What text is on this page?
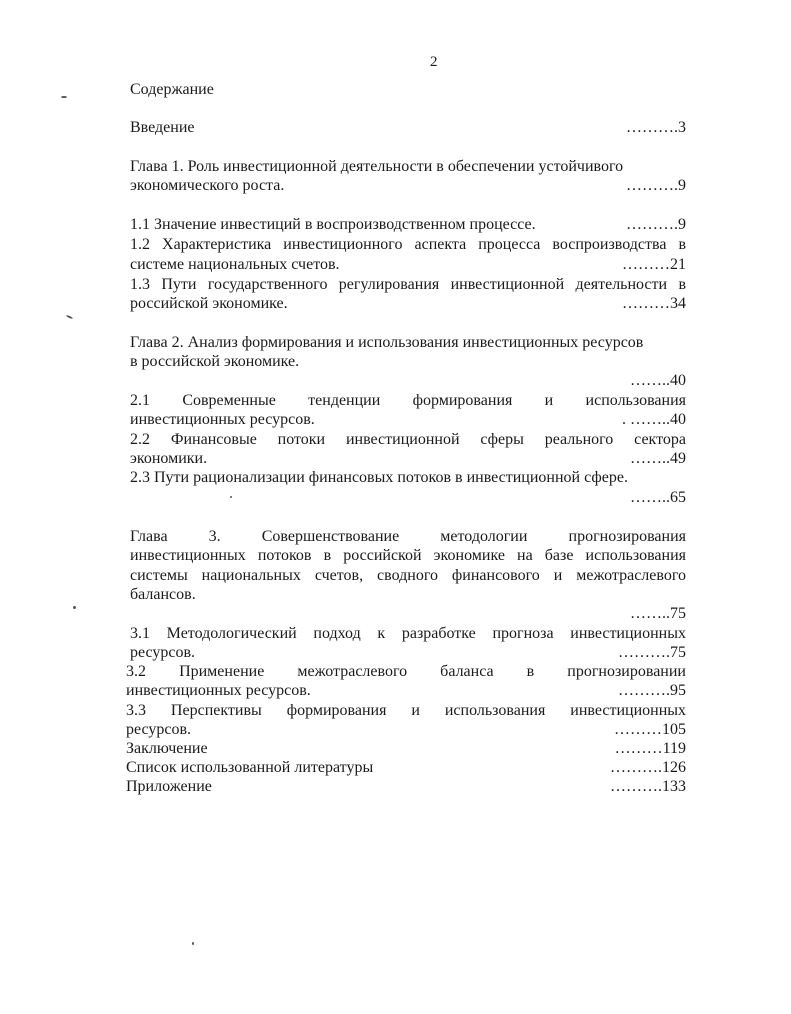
2
Содержание
Введение	……….3
Глава 1. Роль инвестиционной деятельности в обеспечении устойчивого
экономического роста.	……….9
1.1 Значение инвестиций в воспроизводственном процессе.	……….9
1.2 Характеристика инвестиционного аспекта процесса воспроизводства в
системе национальных счетов.	………21
1.3 Пути государственного регулирования инвестиционной деятельности в
российской экономике.	………34
Глава 2. Анализ формирования и использования инвестиционных ресурсов
в российской экономике.
……..40
2.1 Современные тенденции формирования и использования
инвестиционных ресурсов.	. ……..40
2.2 Финансовые потоки инвестиционной сферы реального сектора
экономики.	……..49
2.3 Пути рационализации финансовых потоков в инвестиционной сфере.
……..65
Глава 3. Совершенствование методологии прогнозирования
инвестиционных потоков в российской экономике на базе использования
системы национальных счетов, сводного финансового и межотраслевого
балансов.
……..75
3.1 Методологический подход к разработке прогноза инвестиционных
ресурсов.	……….75
3.2 Применение межотраслевого баланса в прогнозировании
инвестиционных ресурсов.	……….95
3.3 Перспективы формирования и использования инвестиционных
ресурсов.	………105
Заключение	………119
Список использованной литературы	……….126
Приложение	……….133
